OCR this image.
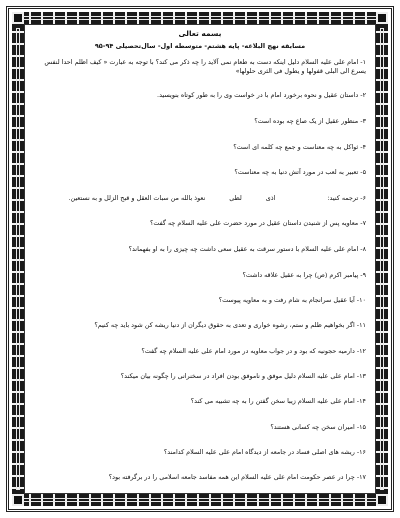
بسمه تعالی
مسابقه نهج البلاغه- پایه هشتم- متوسطه اول- سال‌تحصیلی ۹۴-۹۵

۱- امام علی علیه السلام دلیل اینکه دست به طعام نمی آلاید را چه ذکر می کند؟ با توجه به عبارت « کیف اظلم احدا لنفس یسرع الی البلی قفولها و یطول فی الثری حلولها»

۲- داستان عقیل و نحوه برخورد امام با در خواست وی را به طور کوتاه بنویسید.

۳- منظور عقیل از یک صاع چه بوده است؟

۴- ثواکل به چه معناست و جمع چه کلمه ای است؟

۵- تعبیر به لعب در مورد آتش دنیا به چه معناست؟

۶- ترجمه کنید:
اذی
لظی
نعوذ بالله من سبات العقل و قبح الزلل و به نستعین.

۷- معاویه پس از شنیدن داستان عقیل در مورد حضرت علی علیه السلام چه گفت؟

۸- امام علی علیه السلام با دستور سرقت به عقیل سعی داشت چه چیزی را به او بفهماند؟

۹- پیامبر اکرم (ص) چرا به عقیل علاقه داشت؟

۱۰- آیا عقیل سرانجام به شام رفت و به معاویه پیوست؟

۱۱- اگر بخواهیم ظلم و ستم، رشوه خواری و تعدی به حقوق دیگران از دنیا ریشه کن شود باید چه کنیم؟

۱۲- دارمیه حجونیه که بود و در جواب معاویه در مورد امام علی علیه السلام چه گفت؟

۱۳- امام علی علیه السلام دلیل موفق و ناموفق بودن افراد در سخنرانی را چگونه بیان میکند؟

۱۴- امام علی علیه السلام زیبا سخن گفتن را به چه تشبیه می کند؟

۱۵- امیران سخن چه کسانی هستند؟

۱۶- ریشه های اصلی فساد در جامعه از دیدگاه امام علی علیه السلام کدامند؟

۱۷- چرا در عصر حکومت امام علی علیه السلام این همه مفاسد جامعه اسلامی را در برگرفته بود؟
